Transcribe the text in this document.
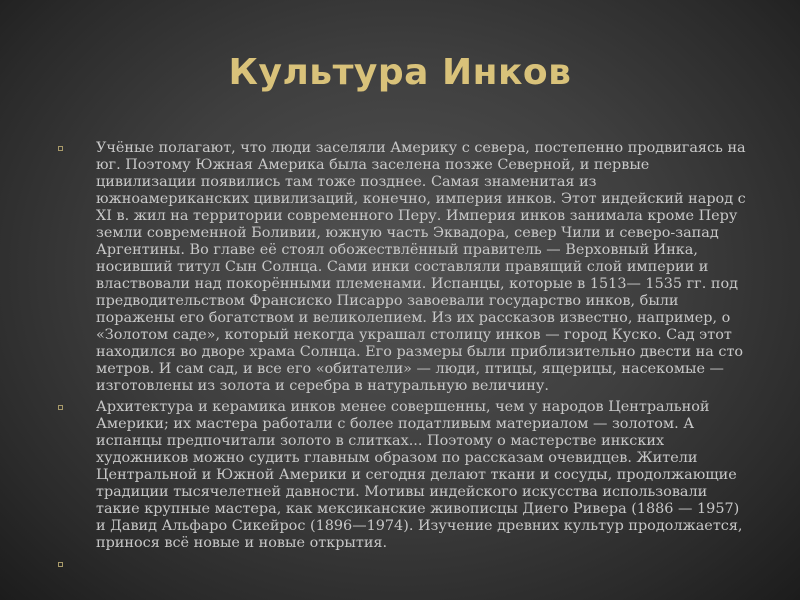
Культура Инков
Учёные полагают, что люди заселяли Америку с севера, постепенно продвигаясь на юг. Поэтому Южная Америка была заселена позже Северной, и первые цивилизации появились там тоже позднее. Самая знаменитая из южноамериканских цивилизаций, конечно, империя инков. Этот индейский народ с XI в. жил на территории современного Перу. Империя инков занимала кроме Перу земли современной Боливии, южную часть Эквадора, север Чили и северо-запад Аргентины. Во главе её стоял обожествлённый правитель — Верховный Инка, носивший титул Сын Солнца. Сами инки составляли правящий слой империи и властвовали над покорёнными племенами. Испанцы, которые в 1513— 1535 гг. под предводительством Франсиско Писарро завоевали государство инков, были поражены его богатством и великолепием. Из их рассказов известно, например, о «Золотом саде», который некогда украшал столицу инков — город Куско. Сад этот находился во дворе храма Солнца. Его размеры были приблизительно двести на сто метров. И сам сад, и все его «обитатели» — люди, птицы, ящерицы, насекомые — изготовлены из золота и серебра в натуральную величину.
Архитектура и керамика инков менее совершенны, чем у народов Центральной Америки; их мастера работали с более податливым материалом — золотом. А испанцы предпочитали золото в слитках... Поэтому о мастерстве инкских художников можно судить главным образом по рассказам очевидцев. Жители Центральной и Южной Америки и сегодня делают ткани и сосуды, продолжающие традиции тысячелетней давности. Мотивы индейского искусства использовали такие крупные мастера, как мексиканские живописцы Диего Ривера (1886 — 1957) и Давид Альфаро Сикейрос (1896—1974). Изучение древних культур продолжается, принося всё новые и новые открытия.
